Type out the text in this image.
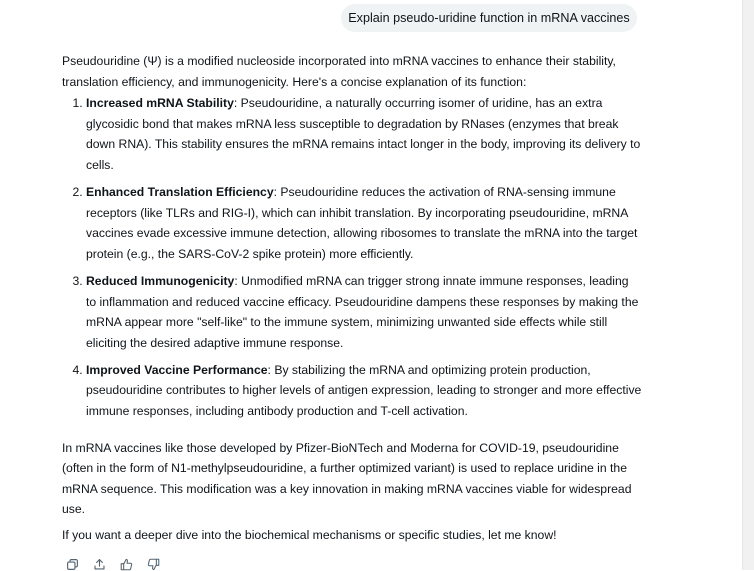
Explain pseudo-uridine function in mRNA vaccines

Pseudouridine (Ψ) is a modified nucleoside incorporated into mRNA vaccines to enhance their stability, translation efficiency, and immunogenicity. Here's a concise explanation of its function:

1. Increased mRNA Stability: Pseudouridine, a naturally occurring isomer of uridine, has an extra glycosidic bond that makes mRNA less susceptible to degradation by RNases (enzymes that break down RNA). This stability ensures the mRNA remains intact longer in the body, improving its delivery to cells.
2. Enhanced Translation Efficiency: Pseudouridine reduces the activation of RNA-sensing immune receptors (like TLRs and RIG-I), which can inhibit translation. By incorporating pseudouridine, mRNA vaccines evade excessive immune detection, allowing ribosomes to translate the mRNA into the target protein (e.g., the SARS-CoV-2 spike protein) more efficiently.
3. Reduced Immunogenicity: Unmodified mRNA can trigger strong innate immune responses, leading to inflammation and reduced vaccine efficacy. Pseudouridine dampens these responses by making the mRNA appear more "self-like" to the immune system, minimizing unwanted side effects while still eliciting the desired adaptive immune response.
4. Improved Vaccine Performance: By stabilizing the mRNA and optimizing protein production, pseudouridine contributes to higher levels of antigen expression, leading to stronger and more effective immune responses, including antibody production and T-cell activation.

In mRNA vaccines like those developed by Pfizer-BioNTech and Moderna for COVID-19, pseudouridine (often in the form of N1-methylpseudouridine, a further optimized variant) is used to replace uridine in the mRNA sequence. This modification was a key innovation in making mRNA vaccines viable for widespread use.

If you want a deeper dive into the biochemical mechanisms or specific studies, let me know!
